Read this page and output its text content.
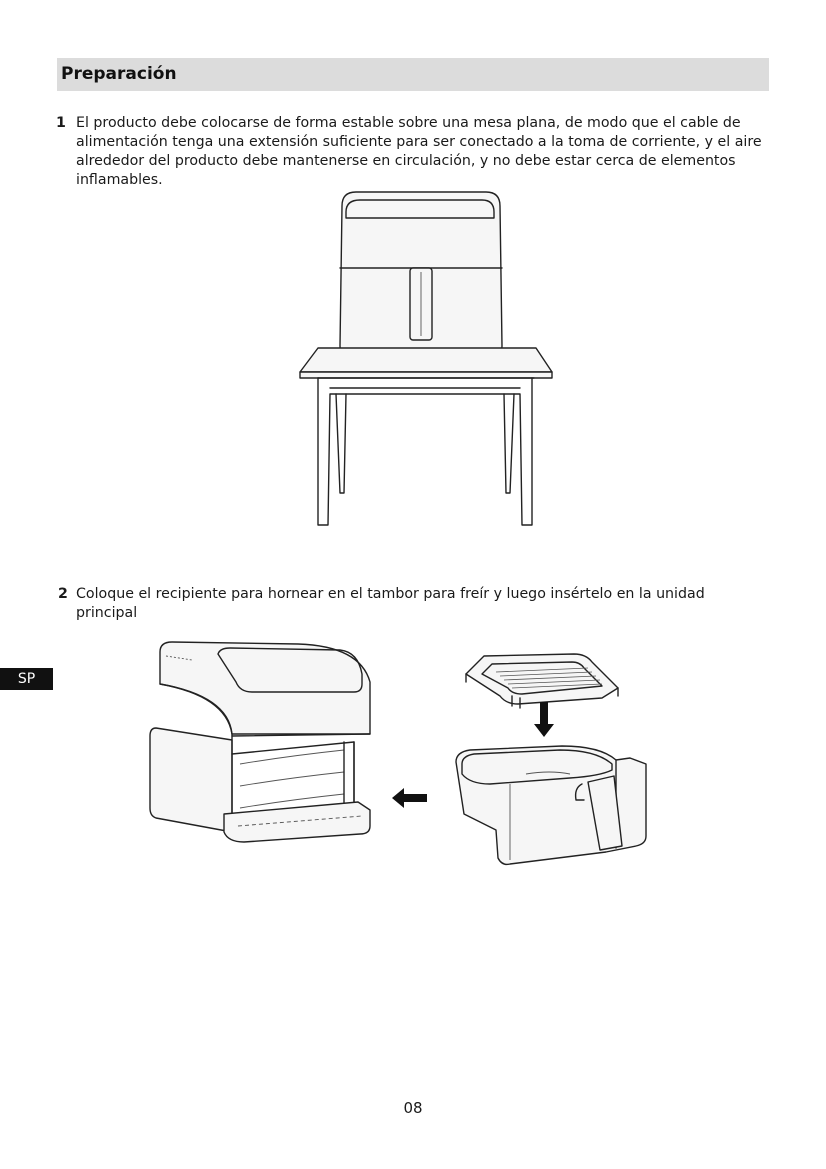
Preparación
1 El producto debe colocarse de forma estable sobre una mesa plana, de modo que el cable de alimentación tenga una extensión suficiente para ser conectado a la toma de corriente, y el aire alrededor del producto debe mantenerse en circulación, y no debe estar cerca de elementos inflamables.
2 Coloque el recipiente para hornear en el tambor para freír y luego insértelo en la unidad principal
SP
08
